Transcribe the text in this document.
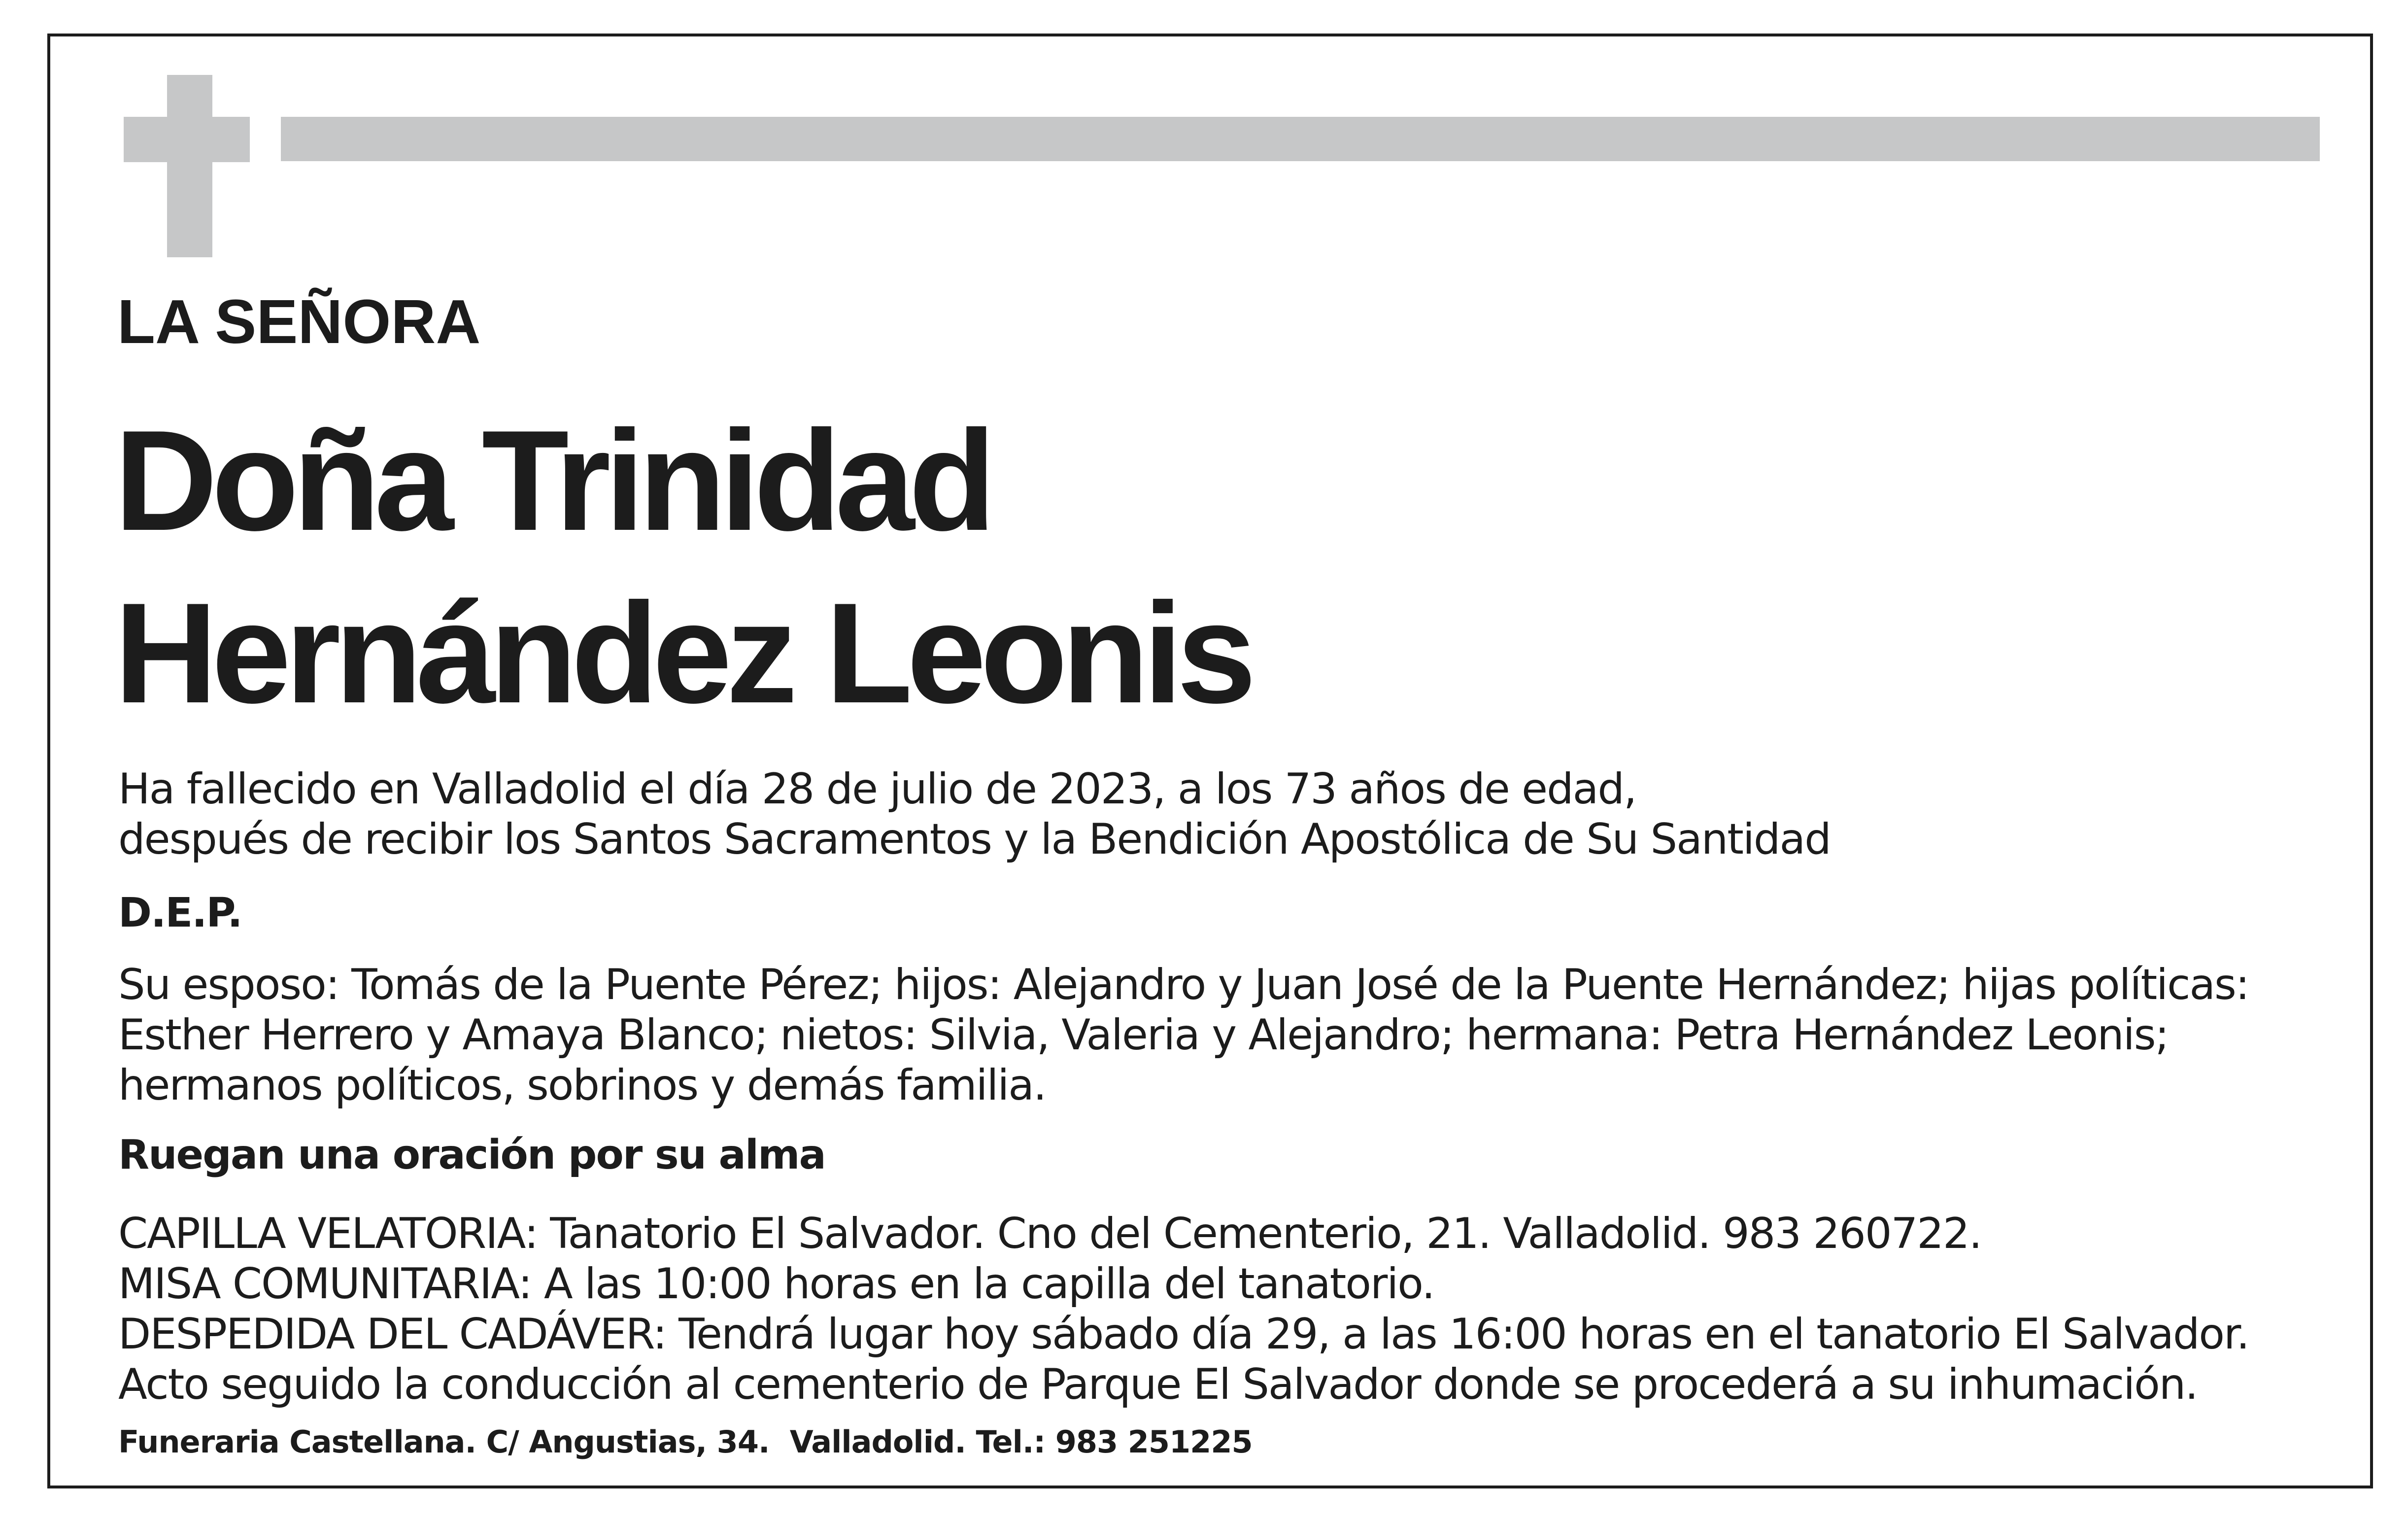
LA SEÑORA
Doña Trinidad
Hernández Leonis
Ha fallecido en Valladolid el día 28 de julio de 2023, a los 73 años de edad,
después de recibir los Santos Sacramentos y la Bendición Apostólica de Su Santidad
D.E.P.
Su esposo: Tomás de la Puente Pérez; hijos: Alejandro y Juan José de la Puente Hernández; hijas políticas:
Esther Herrero y Amaya Blanco; nietos: Silvia, Valeria y Alejandro; hermana: Petra Hernández Leonis;
hermanos políticos, sobrinos y demás familia.
Ruegan una oración por su alma
CAPILLA VELATORIA: Tanatorio El Salvador. Cno del Cementerio, 21. Valladolid. 983 260722.
MISA COMUNITARIA: A las 10:00 horas en la capilla del tanatorio.
DESPEDIDA DEL CADÁVER: Tendrá lugar hoy sábado día 29, a las 16:00 horas en el tanatorio El Salvador.
Acto seguido la conducción al cementerio de Parque El Salvador donde se procederá a su inhumación.
Funeraria Castellana. C/ Angustias, 34.  Valladolid. Tel.: 983 251225
